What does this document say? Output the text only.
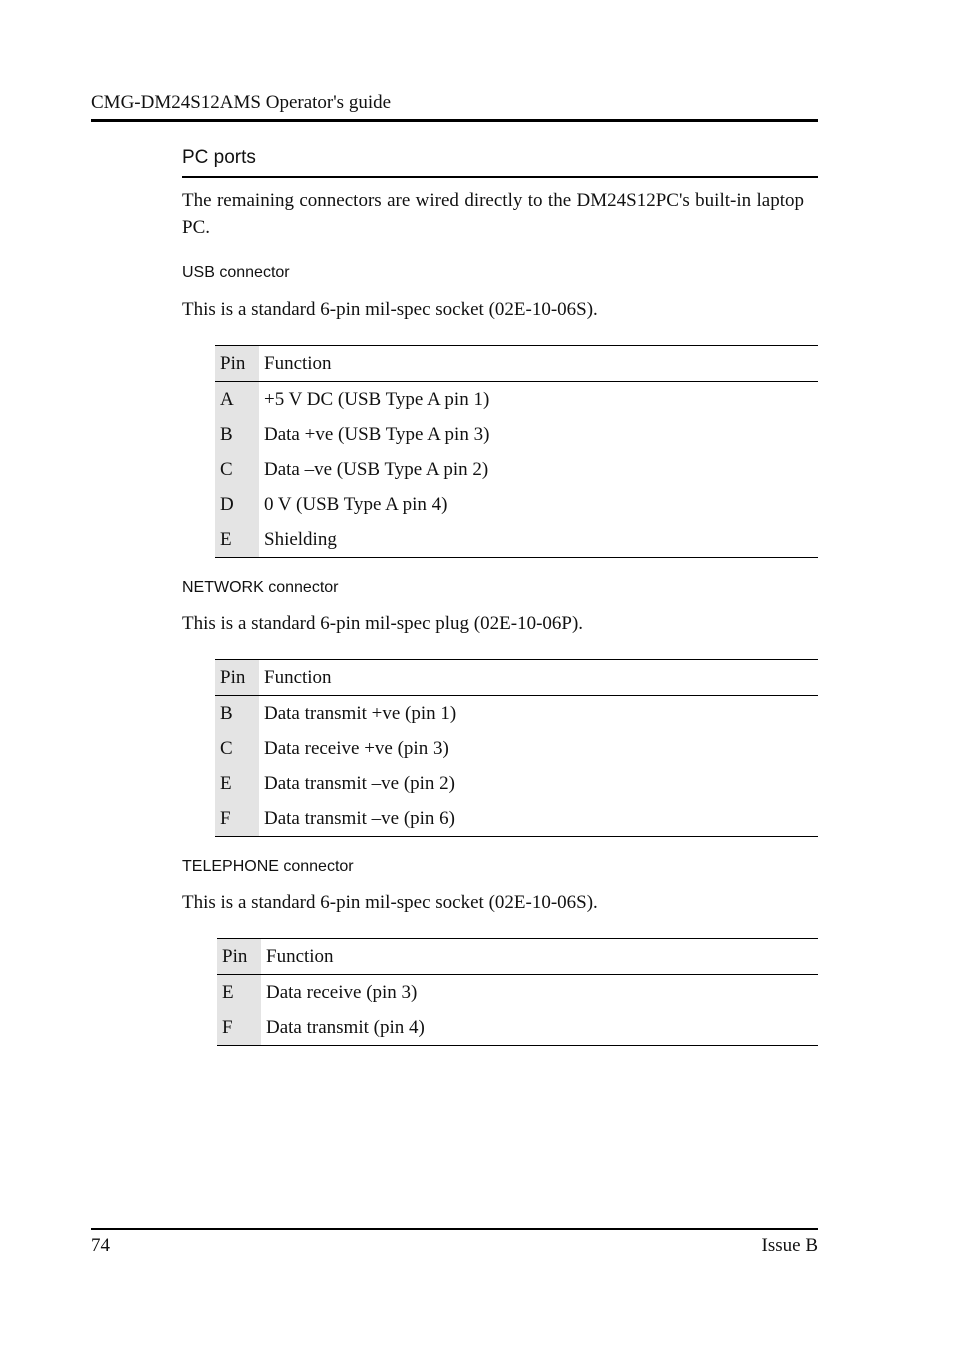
CMG-DM24S12AMS Operator's guide
PC ports
The remaining connectors are wired directly to the DM24S12PC's built-in laptop PC.
USB connector
This is a standard 6-pin mil-spec socket (02E-10-06S).
Pin	Function
A	+5 V DC (USB Type A pin 1)
B	Data +ve (USB Type A pin 3)
C	Data –ve (USB Type A pin 2)
D	0 V (USB Type A pin 4)
E	Shielding
NETWORK connector
This is a standard 6-pin mil-spec plug (02E-10-06P).
Pin	Function
B	Data transmit +ve (pin 1)
C	Data receive +ve (pin 3)
E	Data transmit –ve (pin 2)
F	Data transmit –ve (pin 6)
TELEPHONE connector
This is a standard 6-pin mil-spec socket (02E-10-06S).
Pin	Function
E	Data receive (pin 3)
F	Data transmit (pin 4)
74	Issue B
